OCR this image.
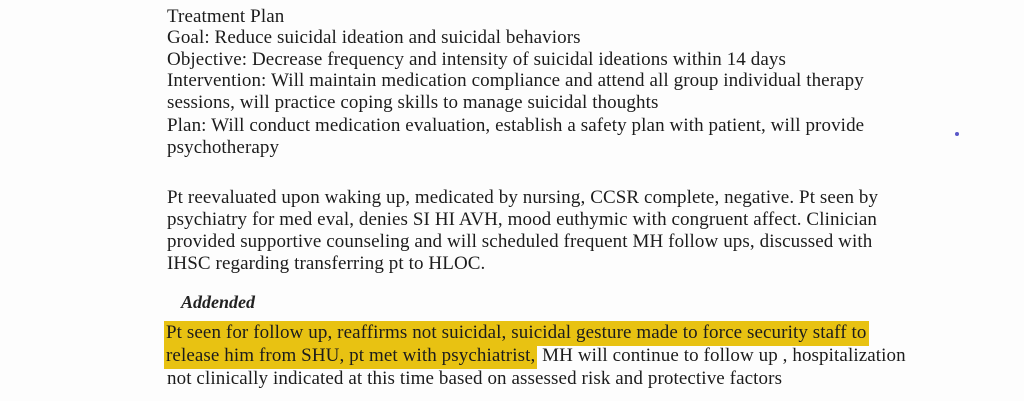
Treatment Plan
Goal: Reduce suicidal ideation and suicidal behaviors
Objective: Decrease frequency and intensity of suicidal ideations within 14 days
Intervention: Will maintain medication compliance and attend all group individual therapy
sessions, will practice coping skills to manage suicidal thoughts
Plan: Will conduct medication evaluation, establish a safety plan with patient, will provide
psychotherapy
Pt reevaluated upon waking up, medicated by nursing, CCSR complete, negative. Pt seen by
psychiatry for med eval, denies SI HI AVH, mood euthymic with congruent affect. Clinician
provided supportive counseling and will scheduled frequent MH follow ups, discussed with
IHSC regarding transferring pt to HLOC.
Addended
Pt seen for follow up, reaffirms not suicidal, suicidal gesture made to force security staff to
release him from SHU, pt met with psychiatrist, MH will continue to follow up , hospitalization
not clinically indicated at this time based on assessed risk and protective factors
